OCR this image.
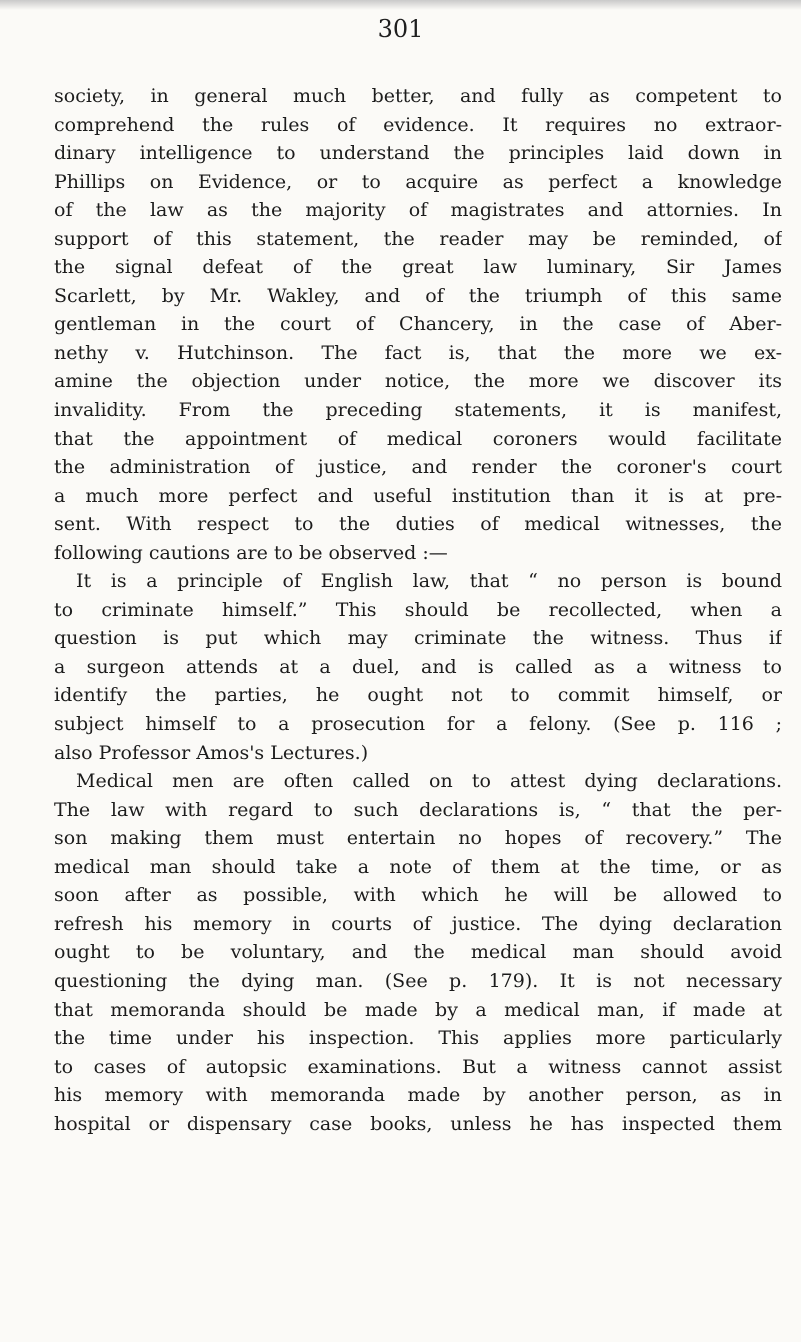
301
society, in general much better, and fully as competent to
comprehend the rules of evidence. It requires no extraor-
dinary intelligence to understand the principles laid down in
Phillips on Evidence, or to acquire as perfect a knowledge
of the law as the majority of magistrates and attornies. In
support of this statement, the reader may be reminded, of
the signal defeat of the great law luminary, Sir James
Scarlett, by Mr. Wakley, and of the triumph of this same
gentleman in the court of Chancery, in the case of Aber-
nethy v. Hutchinson. The fact is, that the more we ex-
amine the objection under notice, the more we discover its
invalidity. From the preceding statements, it is manifest,
that the appointment of medical coroners would facilitate
the administration of justice, and render the coroner's court
a much more perfect and useful institution than it is at pre-
sent. With respect to the duties of medical witnesses, the
following cautions are to be observed :—
It is a principle of English law, that “ no person is bound
to criminate himself.” This should be recollected, when a
question is put which may criminate the witness. Thus if
a surgeon attends at a duel, and is called as a witness to
identify the parties, he ought not to commit himself, or
subject himself to a prosecution for a felony. (See p. 116 ;
also Professor Amos's Lectures.)
Medical men are often called on to attest dying declarations.
The law with regard to such declarations is, “ that the per-
son making them must entertain no hopes of recovery.” The
medical man should take a note of them at the time, or as
soon after as possible, with which he will be allowed to
refresh his memory in courts of justice. The dying declaration
ought to be voluntary, and the medical man should avoid
questioning the dying man. (See p. 179). It is not necessary
that memoranda should be made by a medical man, if made at
the time under his inspection. This applies more particularly
to cases of autopsic examinations. But a witness cannot assist
his memory with memoranda made by another person, as in
hospital or dispensary case books, unless he has inspected them
